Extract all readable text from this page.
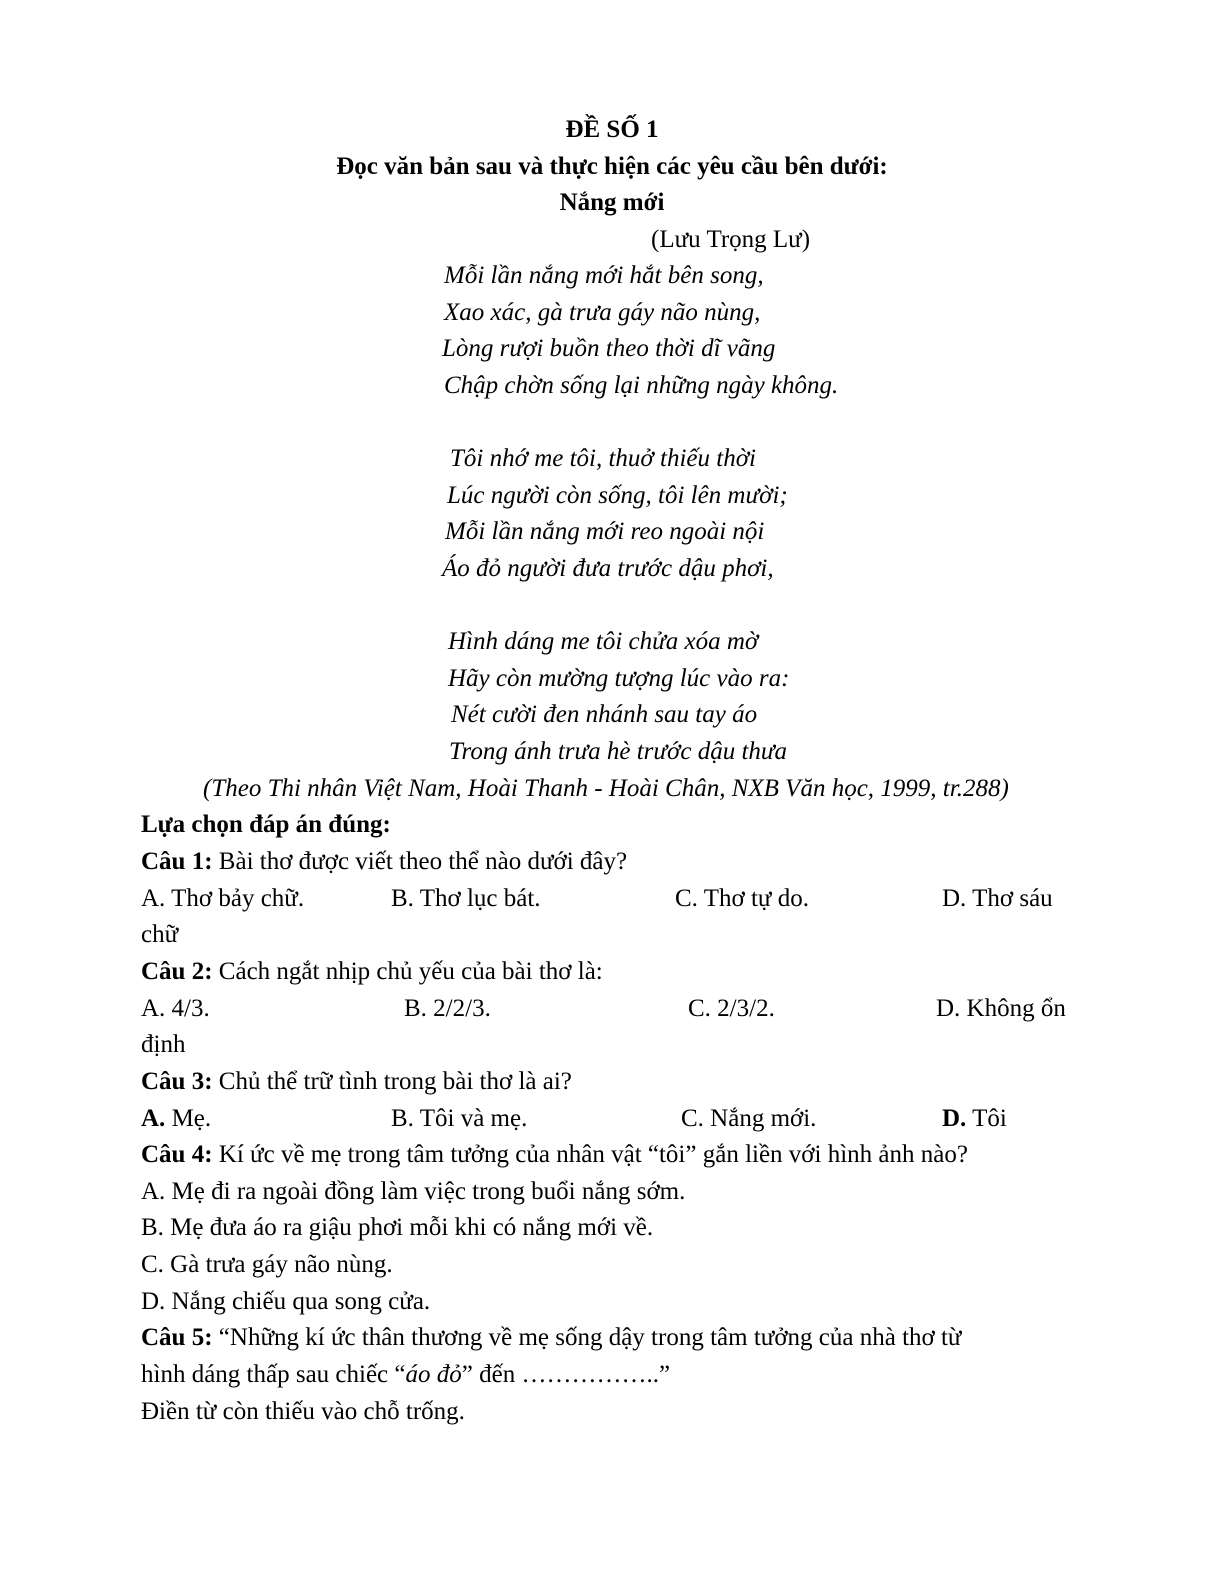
ĐỀ SỐ 1
Đọc văn bản sau và thực hiện các yêu cầu bên dưới:
Nắng mới
(Lưu Trọng Lư)
Mỗi lần nắng mới hắt bên song,
Xao xác, gà trưa gáy não nùng,
Lòng rượi buồn theo thời dĩ vãng
Chập chờn sống lại những ngày không.
Tôi nhớ me tôi, thuở thiếu thời
Lúc người còn sống, tôi lên mười;
Mỗi lần nắng mới reo ngoài nội
Áo đỏ người đưa trước dậu phơi,
Hình dáng me tôi chửa xóa mờ
Hãy còn mường tượng lúc vào ra:
Nét cười đen nhánh sau tay áo
Trong ánh trưa hè trước dậu thưa
(Theo Thi nhân Việt Nam, Hoài Thanh - Hoài Chân, NXB Văn học, 1999, tr.288)
Lựa chọn đáp án đúng:
Câu 1: Bài thơ được viết theo thể nào dưới đây?
A. Thơ bảy chữ.	B. Thơ lục bát.	C. Thơ tự do.	D. Thơ sáu
chữ
Câu 2: Cách ngắt nhịp chủ yếu của bài thơ là:
A. 4/3.	B. 2/2/3.	C. 2/3/2.	D. Không ổn
định
Câu 3: Chủ thể trữ tình trong bài thơ là ai?
A. Mẹ.	B. Tôi và mẹ.	C. Nắng mới.	D. Tôi
Câu 4: Kí ức về mẹ trong tâm tưởng của nhân vật “tôi” gắn liền với hình ảnh nào?
A. Mẹ đi ra ngoài đồng làm việc trong buổi nắng sớm.
B. Mẹ đưa áo ra giậu phơi mỗi khi có nắng mới về.
C. Gà trưa gáy não nùng.
D. Nắng chiếu qua song cửa.
Câu 5: “Những kí ức thân thương về mẹ sống dậy trong tâm tưởng của nhà thơ từ
hình dáng thấp sau chiếc “áo đỏ” đến ……………..”
Điền từ còn thiếu vào chỗ trống.
